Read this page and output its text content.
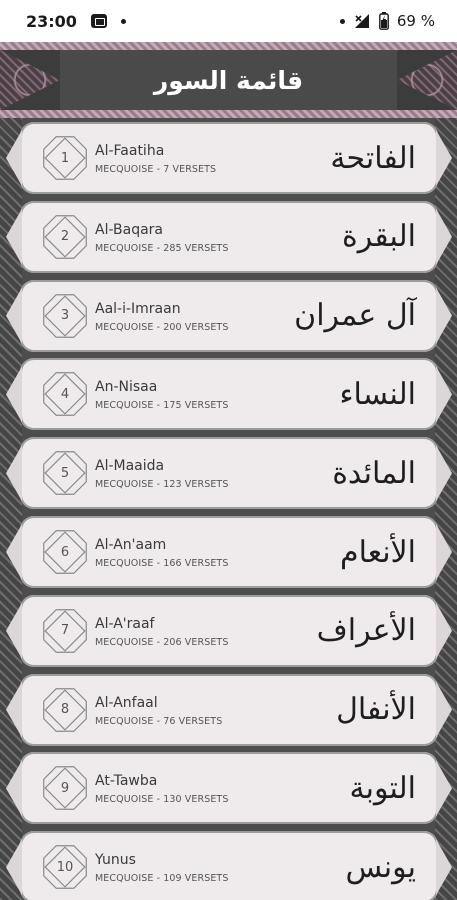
23:00	69 %
قائمة السور
1	Al-Faatiha
MECQUOISE - 7 VERSETS	الفاتحة
2	Al-Baqara
MECQUOISE - 285 VERSETS	البقرة
3	Aal-i-Imraan
MECQUOISE - 200 VERSETS آل عمران
4	An-Nisaa
MECQUOISE - 175 VERSETS	النساء
5	Al-Maaida
MECQUOISE - 123 VERSETS	المائدة
6	Al-An'aam
MECQUOISE - 166 VERSETS	الأنعام
7	Al-A'raaf
MECQUOISE - 206 VERSETS	الأعراف
8	Al-Anfaal
MECQUOISE - 76 VERSETS	الأنفال
9	At-Tawba
MECQUOISE - 130 VERSETS	التوبة
10	Yunus
MECQUOISE - 109 VERSETS	يونس
